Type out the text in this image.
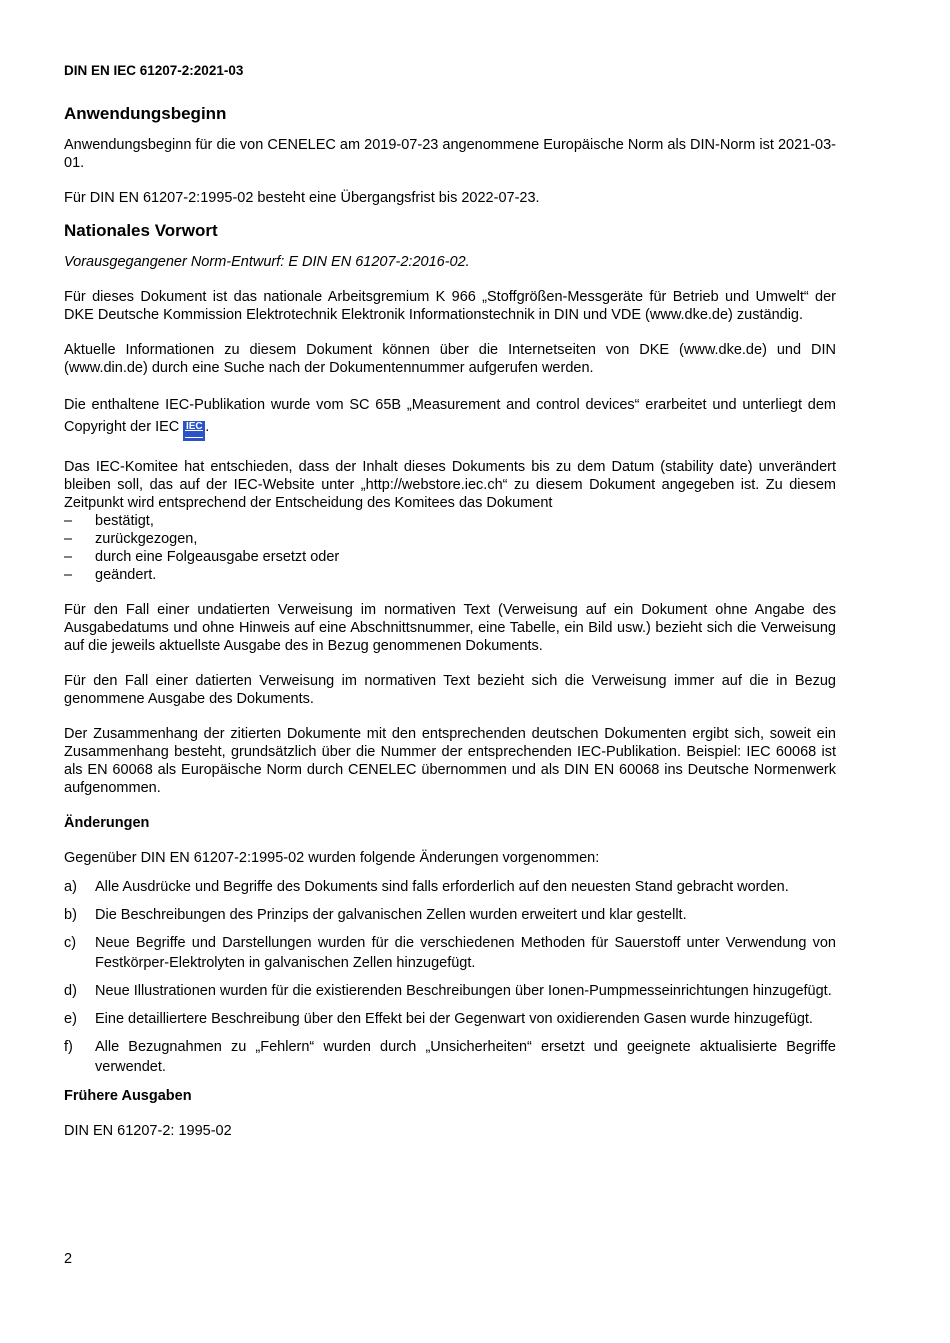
DIN EN IEC 61207-2:2021-03
Anwendungsbeginn

Anwendungsbeginn für die von CENELEC am 2019-07-23 angenommene Europäische Norm als DIN-Norm ist 2021-03-01.

Für DIN EN 61207-2:1995-02 besteht eine Übergangsfrist bis 2022-07-23.

Nationales Vorwort

Vorausgegangener Norm-Entwurf: E DIN EN 61207-2:2016-02.

Für dieses Dokument ist das nationale Arbeitsgremium K 966 „Stoffgrößen-Messgeräte für Betrieb und Umwelt“ der DKE Deutsche Kommission Elektrotechnik Elektronik Informationstechnik in DIN und VDE (www.dke.de) zuständig.

Aktuelle Informationen zu diesem Dokument können über die Internetseiten von DKE (www.dke.de) und DIN (www.din.de) durch eine Suche nach der Dokumentennummer aufgerufen werden.

Die enthaltene IEC-Publikation wurde vom SC 65B „Measurement and control devices“ erarbeitet und unterliegt dem Copyright der IEC IEC .

Das IEC-Komitee hat entschieden, dass der Inhalt dieses Dokuments bis zu dem Datum (stability date) unverändert bleiben soll, das auf der IEC-Website unter „http://webstore.iec.ch“ zu diesem Dokument angegeben ist. Zu diesem Zeitpunkt wird entsprechend der Entscheidung des Komitees das Dokument

– bestätigt,
– zurückgezogen,
– durch eine Folgeausgabe ersetzt oder
– geändert.

Für den Fall einer undatierten Verweisung im normativen Text (Verweisung auf ein Dokument ohne Angabe des Ausgabedatums und ohne Hinweis auf eine Abschnittsnummer, eine Tabelle, ein Bild usw.) bezieht sich die Verweisung auf die jeweils aktuellste Ausgabe des in Bezug genommenen Dokuments.

Für den Fall einer datierten Verweisung im normativen Text bezieht sich die Verweisung immer auf die in Bezug genommene Ausgabe des Dokuments.

Der Zusammenhang der zitierten Dokumente mit den entsprechenden deutschen Dokumenten ergibt sich, soweit ein Zusammenhang besteht, grundsätzlich über die Nummer der entsprechenden IEC-Publikation. Beispiel: IEC 60068 ist als EN 60068 als Europäische Norm durch CENELEC übernommen und als DIN EN 60068 ins Deutsche Normenwerk aufgenommen.

Änderungen

Gegenüber DIN EN 61207-2:1995-02 wurden folgende Änderungen vorgenommen:

a) Alle Ausdrücke und Begriffe des Dokuments sind falls erforderlich auf den neuesten Stand gebracht worden.
b) Die Beschreibungen des Prinzips der galvanischen Zellen wurden erweitert und klar gestellt.
c) Neue Begriffe und Darstellungen wurden für die verschiedenen Methoden für Sauerstoff unter Verwendung von Festkörper-Elektrolyten in galvanischen Zellen hinzugefügt.
d) Neue Illustrationen wurden für die existierenden Beschreibungen über Ionen-Pumpmesseinrichtungen hinzugefügt.
e) Eine detailliertere Beschreibung über den Effekt bei der Gegenwart von oxidierenden Gasen wurde hinzugefügt.
f) Alle Bezugnahmen zu „Fehlern“ wurden durch „Unsicherheiten“ ersetzt und geeignete aktualisierte Begriffe verwendet.
Frühere Ausgaben

DIN EN 61207-2: 1995-02

2
